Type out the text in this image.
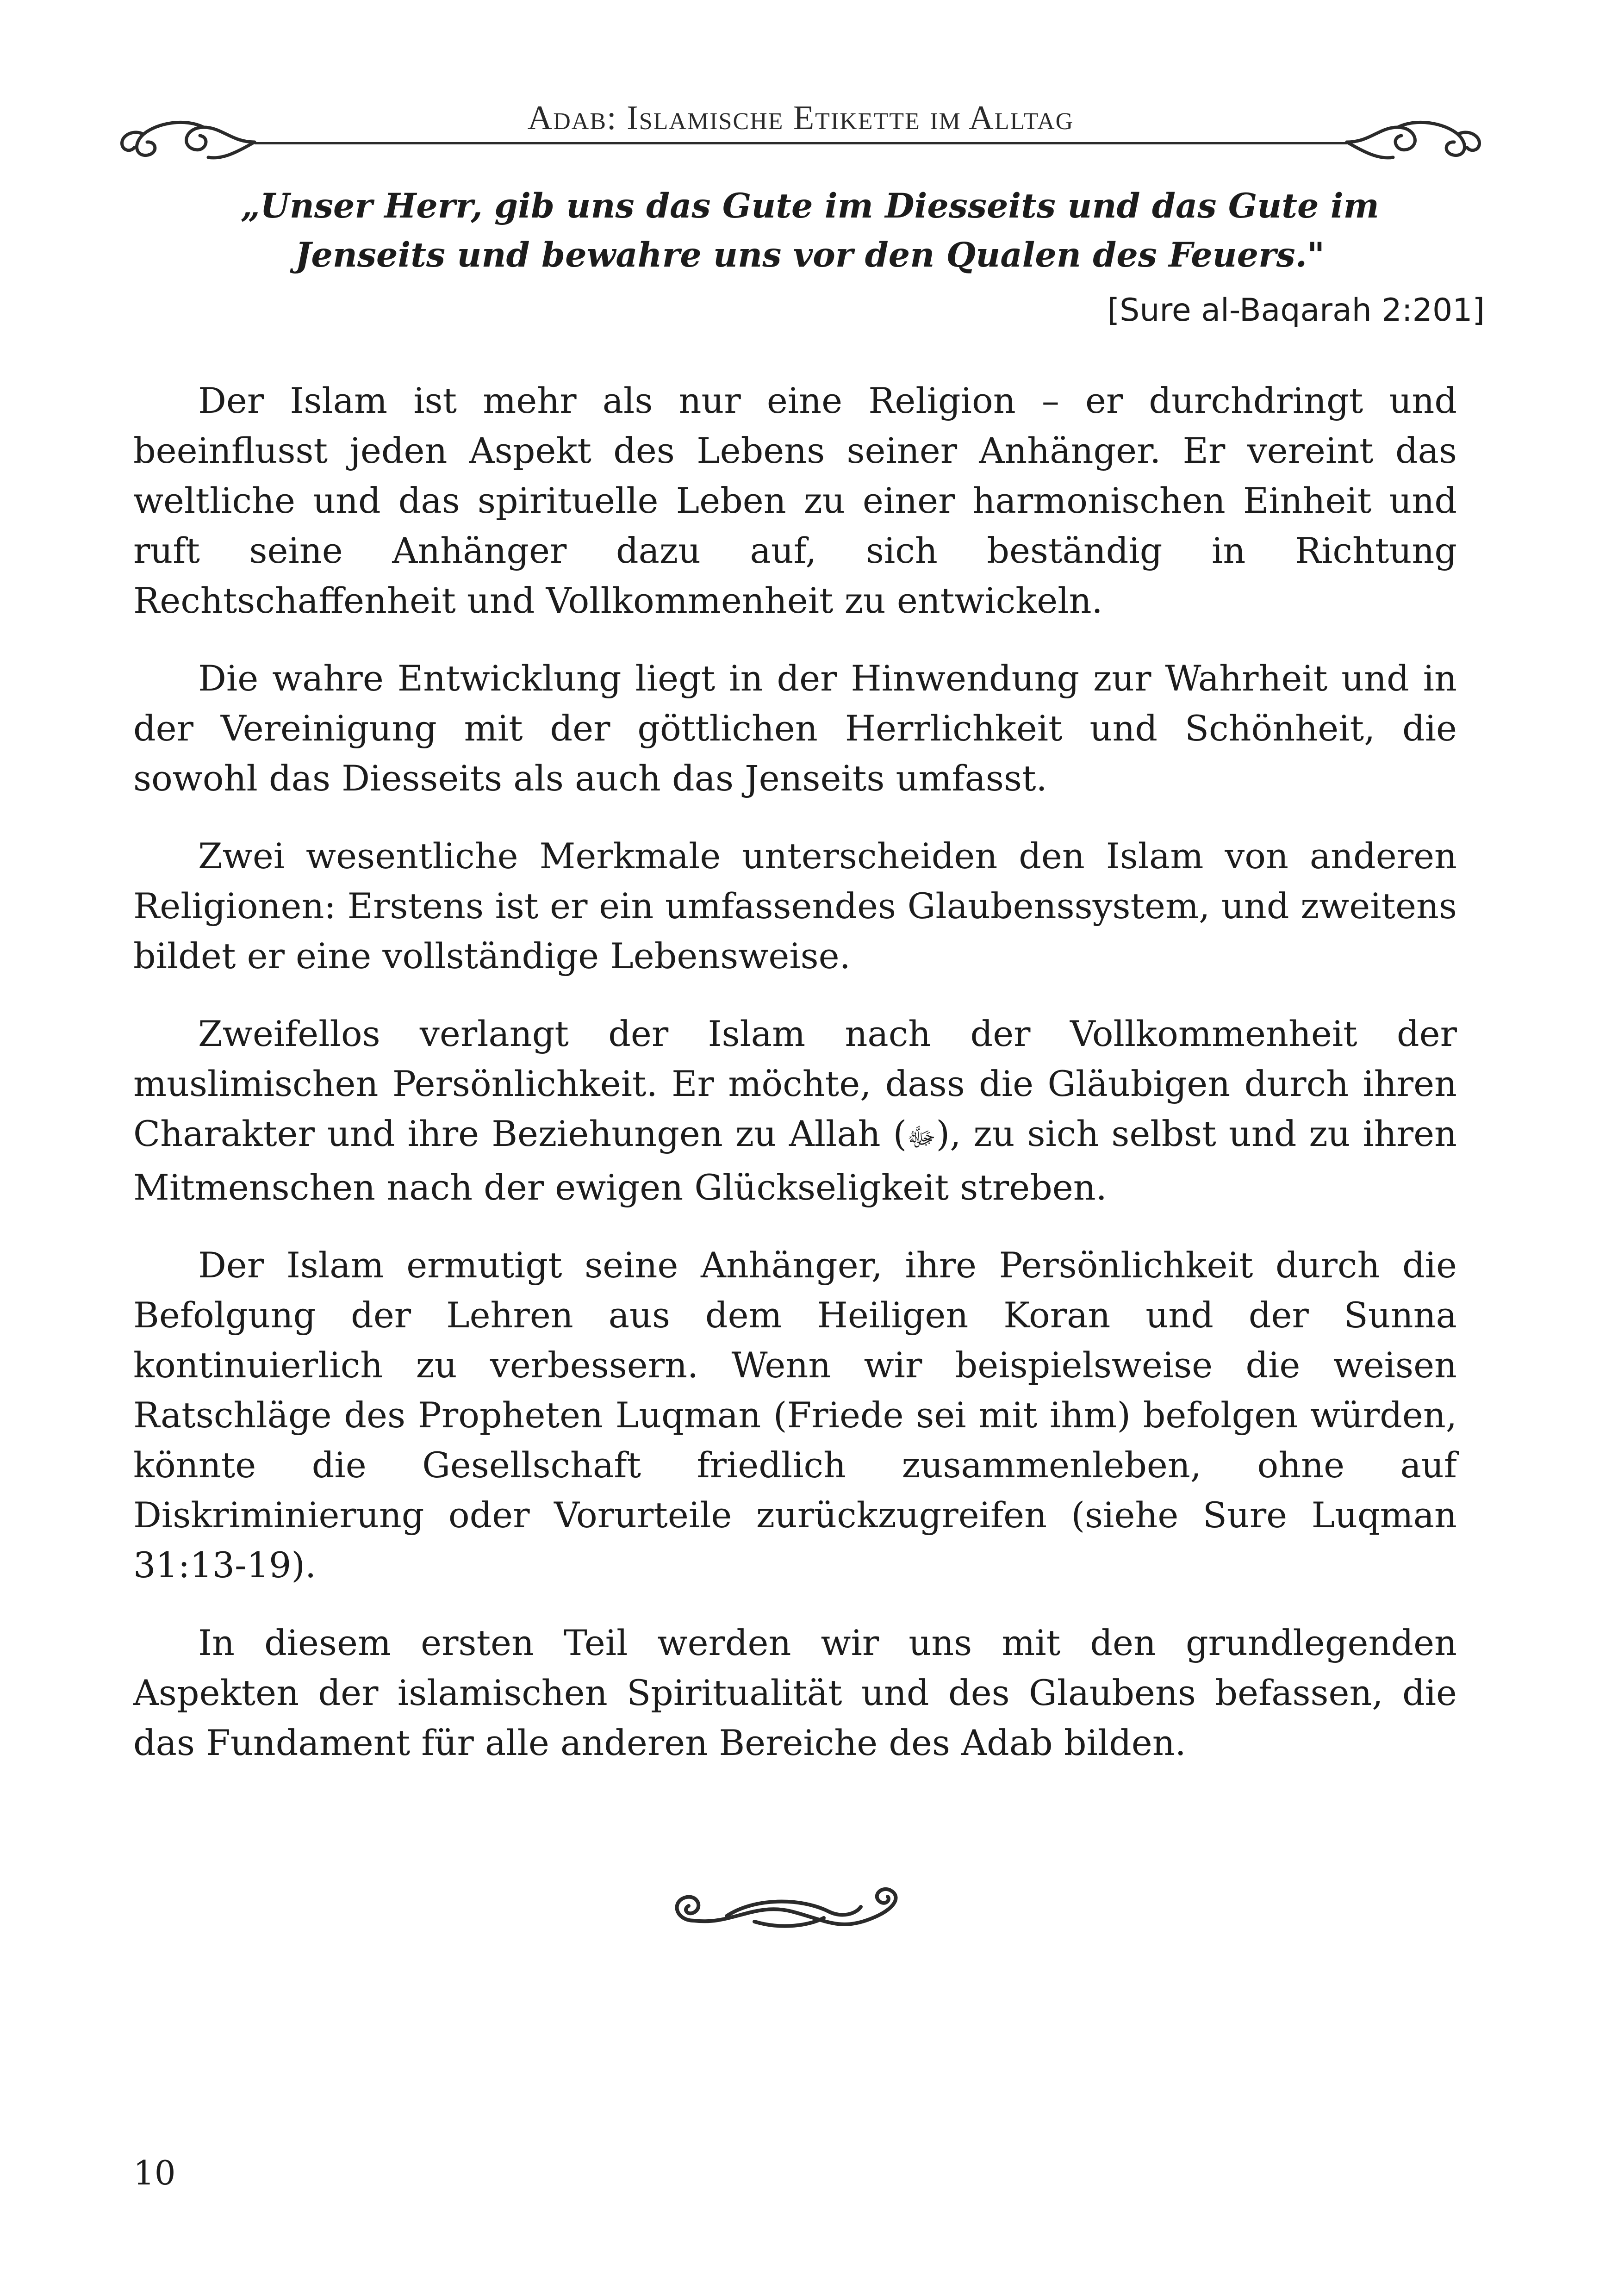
Adab: Islamische Etikette im Alltag
„Unser Herr, gib uns das Gute im Diesseits und das Gute im
Jenseits und bewahre uns vor den Qualen des Feuers."
[Sure al-Baqarah 2:201]

Der Islam ist mehr als nur eine Religion – er durchdringt und beeinflusst jeden Aspekt des Lebens seiner Anhänger. Er vereint das weltliche und das spirituelle Leben zu einer harmonischen Einheit und ruft seine Anhänger dazu auf, sich beständig in Richtung Rechtschaffenheit und Vollkommenheit zu entwickeln.

Die wahre Entwicklung liegt in der Hinwendung zur Wahrheit und in der Vereinigung mit der göttlichen Herrlichkeit und Schönheit, die sowohl das Diesseits als auch das Jenseits umfasst.

Zwei wesentliche Merkmale unterscheiden den Islam von anderen Religionen: Erstens ist er ein umfassendes Glaubenssystem, und zweitens bildet er eine vollständige Lebensweise.

Zweifellos verlangt der Islam nach der Vollkommenheit der muslimischen Persönlichkeit. Er möchte, dass die Gläubigen durch ihren Charakter und ihre Beziehungen zu Allah (ﷻ), zu sich selbst und zu ihren Mitmenschen nach der ewigen Glückseligkeit streben.

Der Islam ermutigt seine Anhänger, ihre Persönlichkeit durch die Befolgung der Lehren aus dem Heiligen Koran und der Sunna kontinuierlich zu verbessern. Wenn wir beispielsweise die weisen Ratschläge des Propheten Luqman (Friede sei mit ihm) befolgen würden, könnte die Gesellschaft friedlich zusammenleben, ohne auf Diskriminierung oder Vorurteile zurückzugreifen (siehe Sure Luqman 31:13-19).

In diesem ersten Teil werden wir uns mit den grundlegenden Aspekten der islamischen Spiritualität und des Glaubens befassen, die das Fundament für alle anderen Bereiche des Adab bilden.

10
